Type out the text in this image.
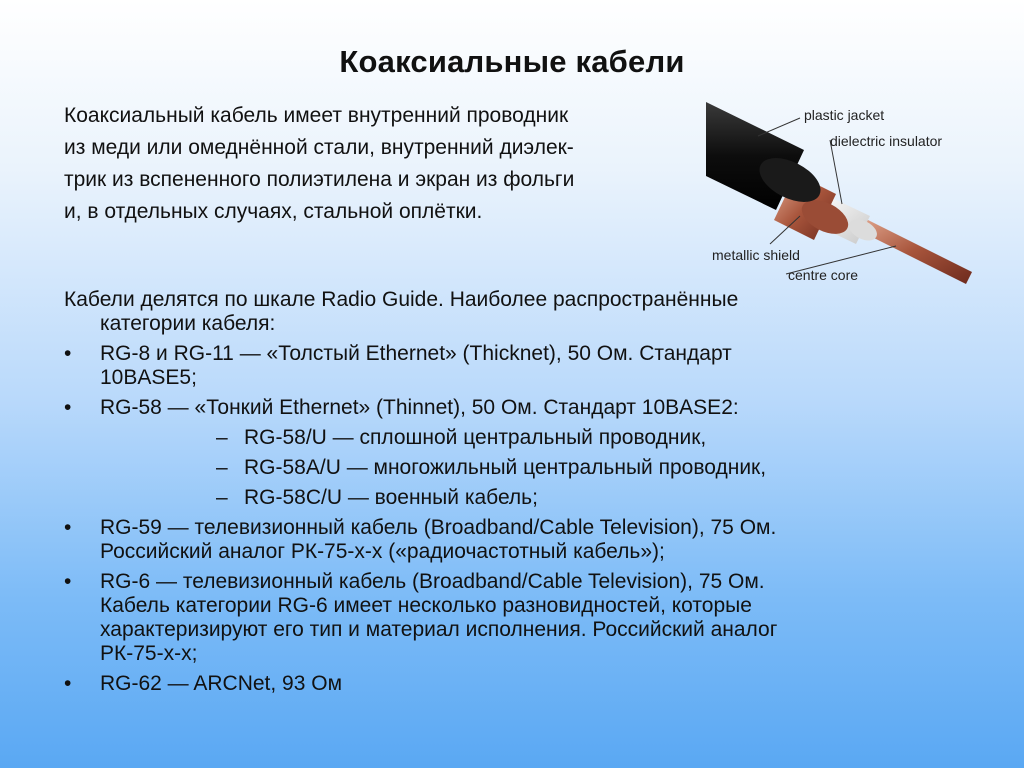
Коаксиальные кабели
Коаксиальный кабель имеет внутренний проводник
из меди или омеднённой стали, внутренний диэлек-
трик из вспененного полиэтилена и экран из фольги
и, в отдельных случаях, стальной оплётки.
plastic jacket
dielectric insulator
metallic shield
centre core
Кабели делятся по шкале Radio Guide. Наиболее распространённые
категории кабеля:
• RG-8 и RG-11 — «Толстый Ethernet» (Thicknet), 50 Ом. Стандарт
10BASE5;
• RG-58 — «Тонкий Ethernet» (Thinnet), 50 Ом. Стандарт 10BASE2:
– RG-58/U — сплошной центральный проводник,
– RG-58A/U — многожильный центральный проводник,
– RG-58C/U — военный кабель;
• RG-59 — телевизионный кабель (Broadband/Cable Television), 75 Ом.
Российский аналог РК-75-x-x («радиочастотный кабель»);
• RG-6 — телевизионный кабель (Broadband/Cable Television), 75 Ом.
Кабель категории RG-6 имеет несколько разновидностей, которые
характеризируют его тип и материал исполнения. Российский аналог
РК-75-x-x;
• RG-62 — ARCNet, 93 Ом
